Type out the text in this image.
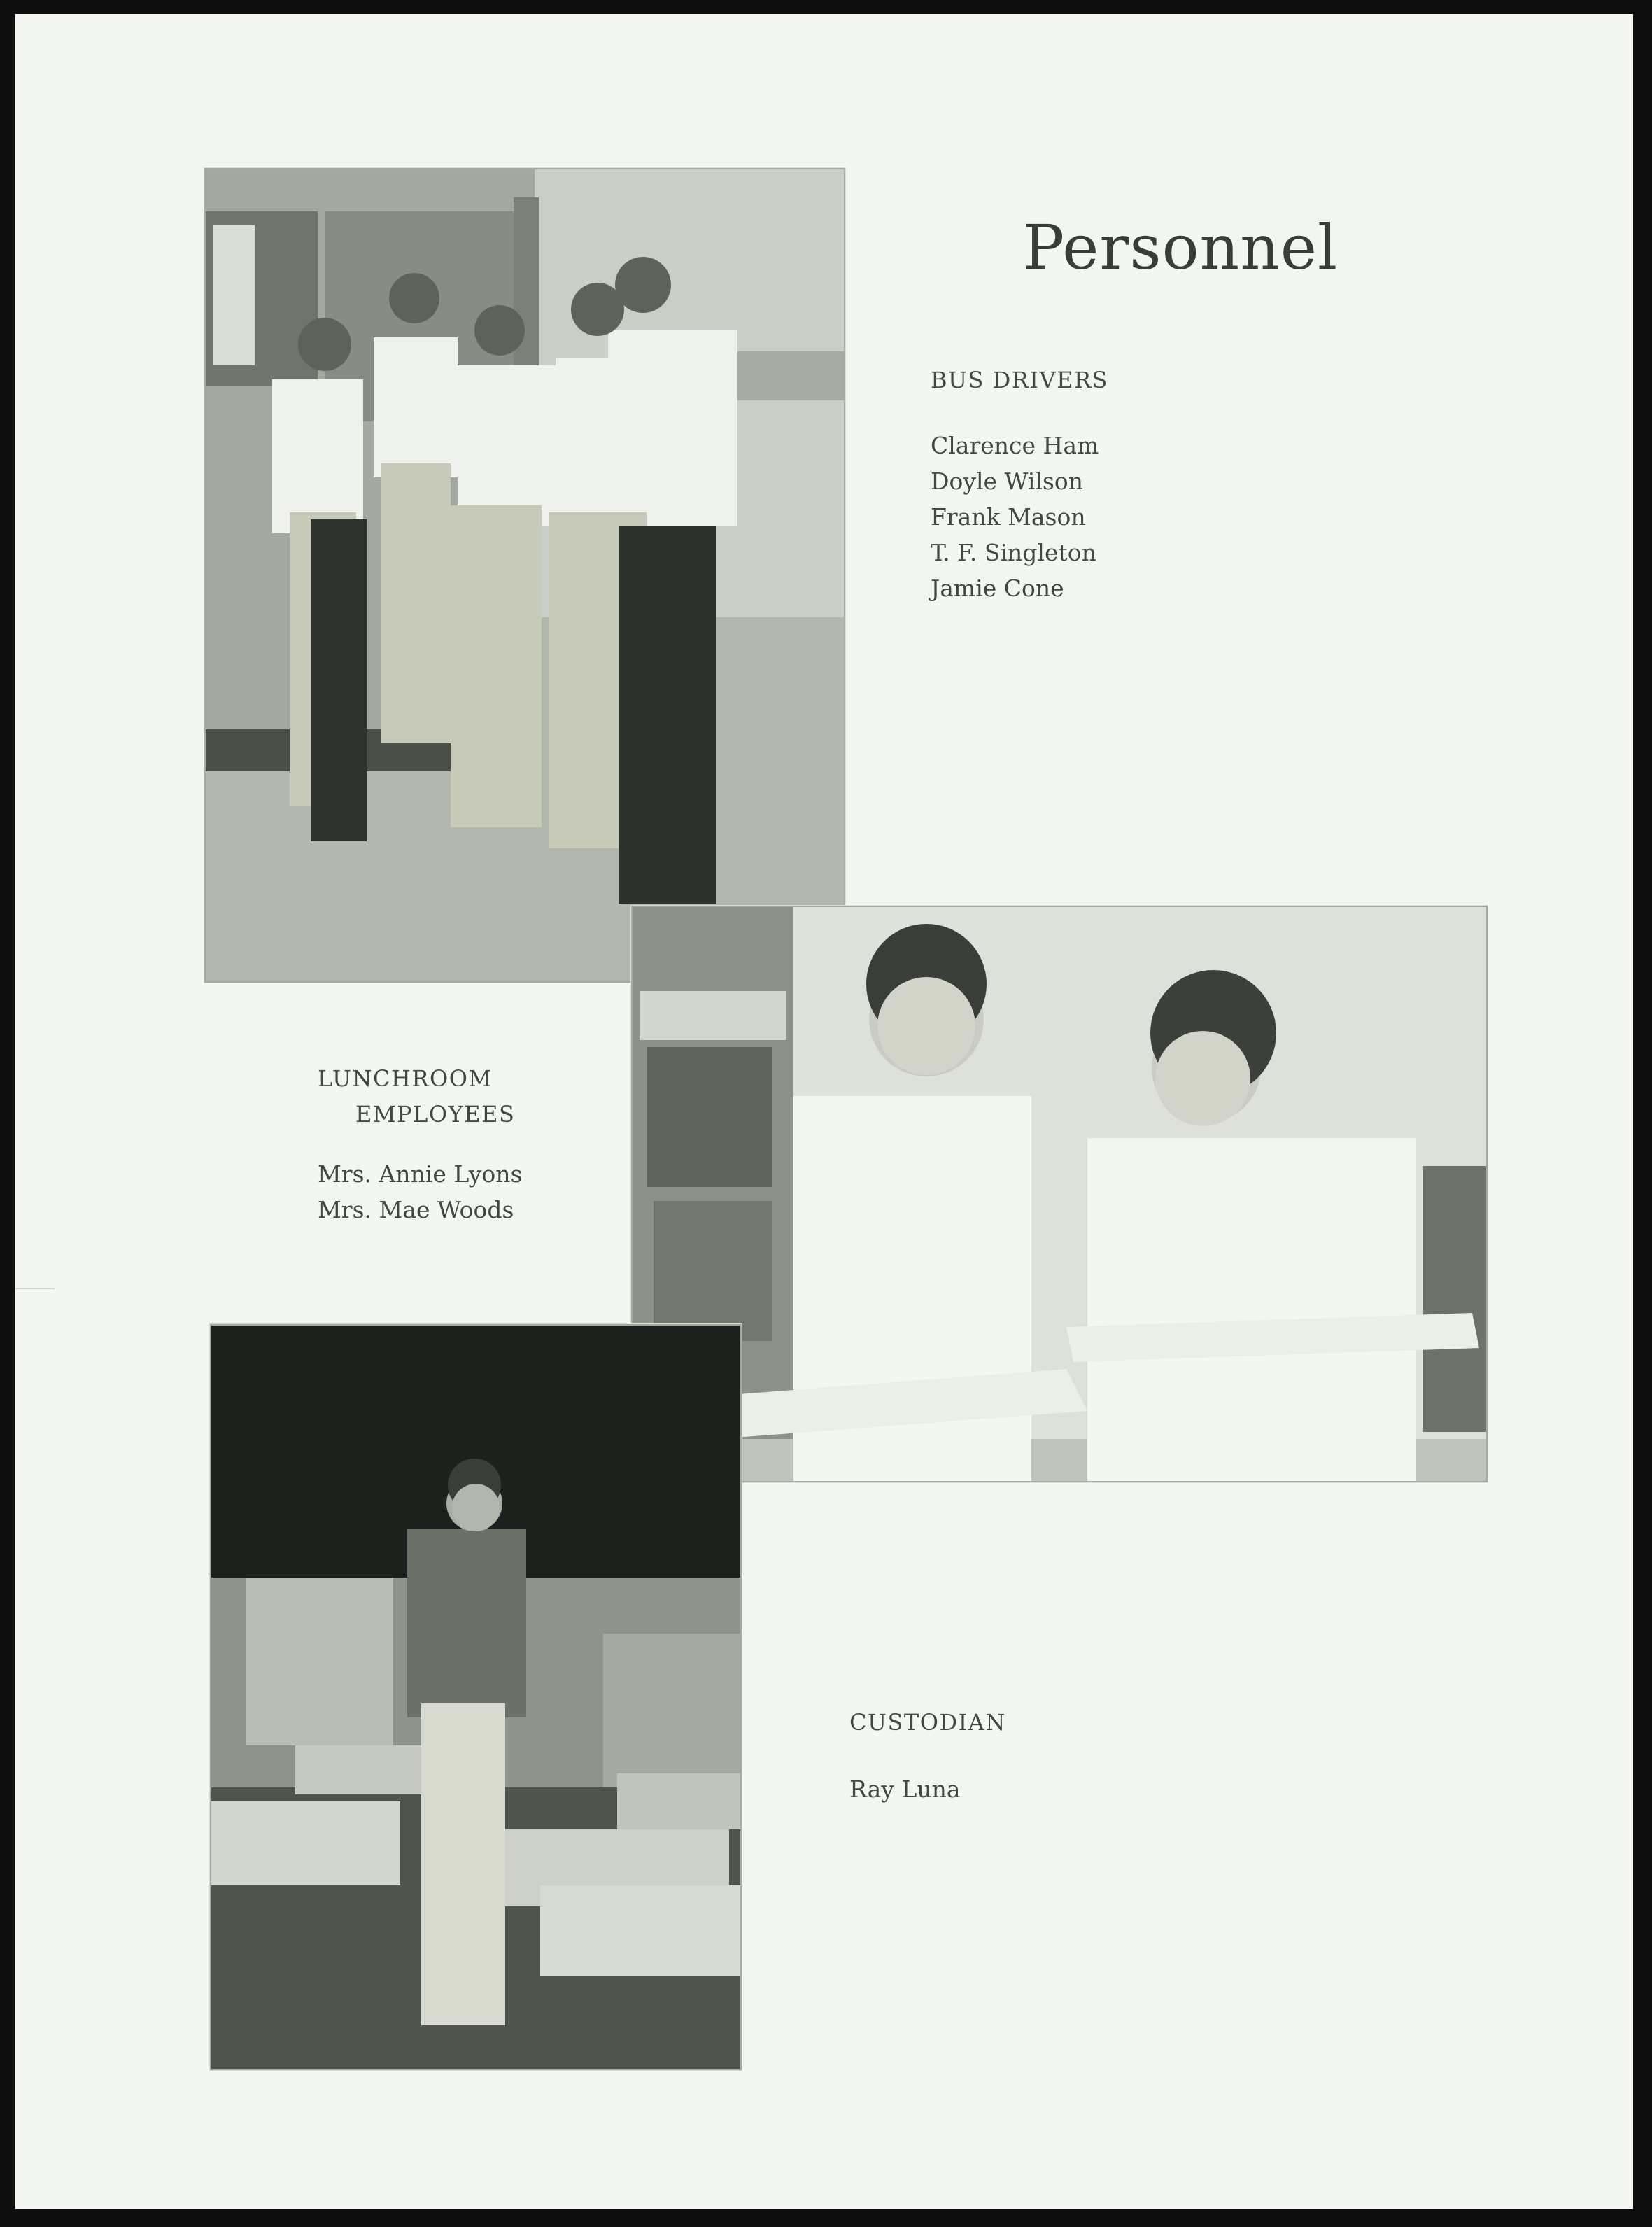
Personnel
BUS DRIVERS
Clarence Ham
Doyle Wilson
Frank Mason
T. F. Singleton
Jamie Cone
LUNCHROOM
EMPLOYEES
Mrs. Annie Lyons
Mrs. Mae Woods
CUSTODIAN
Ray Luna
